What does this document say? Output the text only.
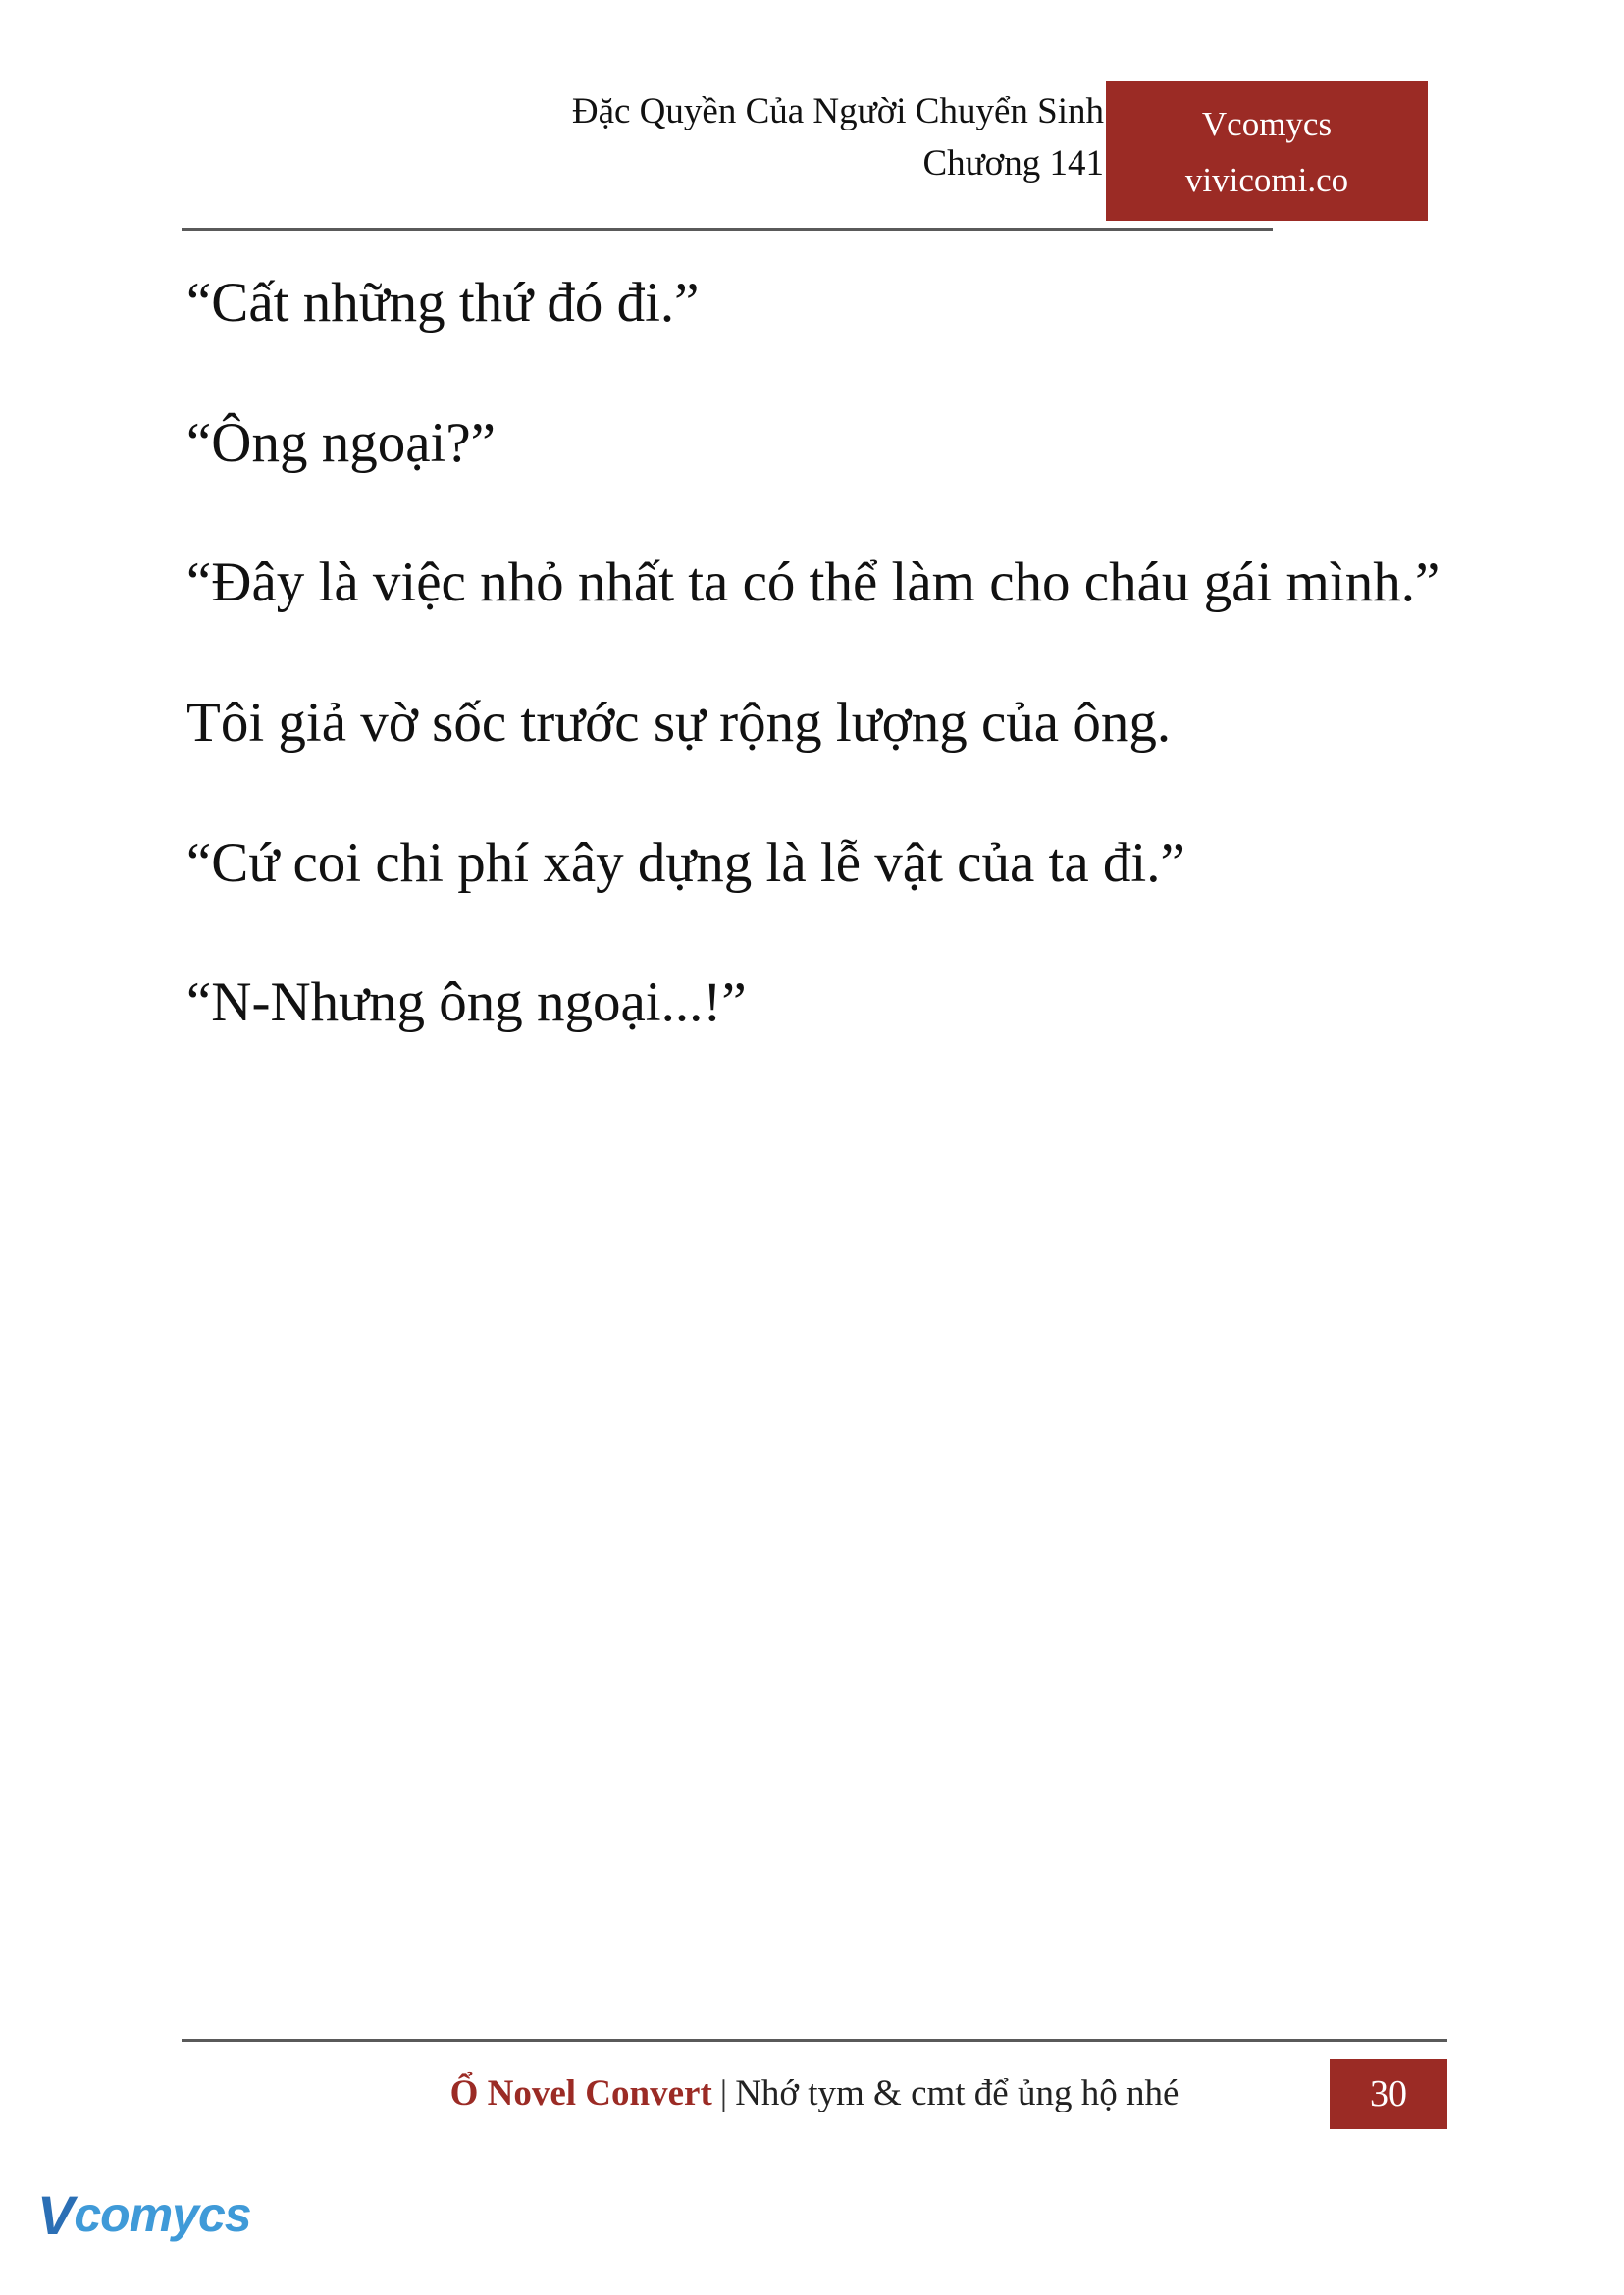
Đặc Quyền Của Người Chuyển Sinh
Chương 141
Vcomycs
vivicomi.co

“Cất những thứ đó đi.”

“Ông ngoại?”

“Đây là việc nhỏ nhất ta có thể làm cho cháu gái mình.”

Tôi giả vờ sốc trước sự rộng lượng của ông.

“Cứ coi chi phí xây dựng là lễ vật của ta đi.”

“N-Nhưng ông ngoại...!”

Ổ Novel Convert | Nhớ tym & cmt để ủng hộ nhé	30
V comycs
